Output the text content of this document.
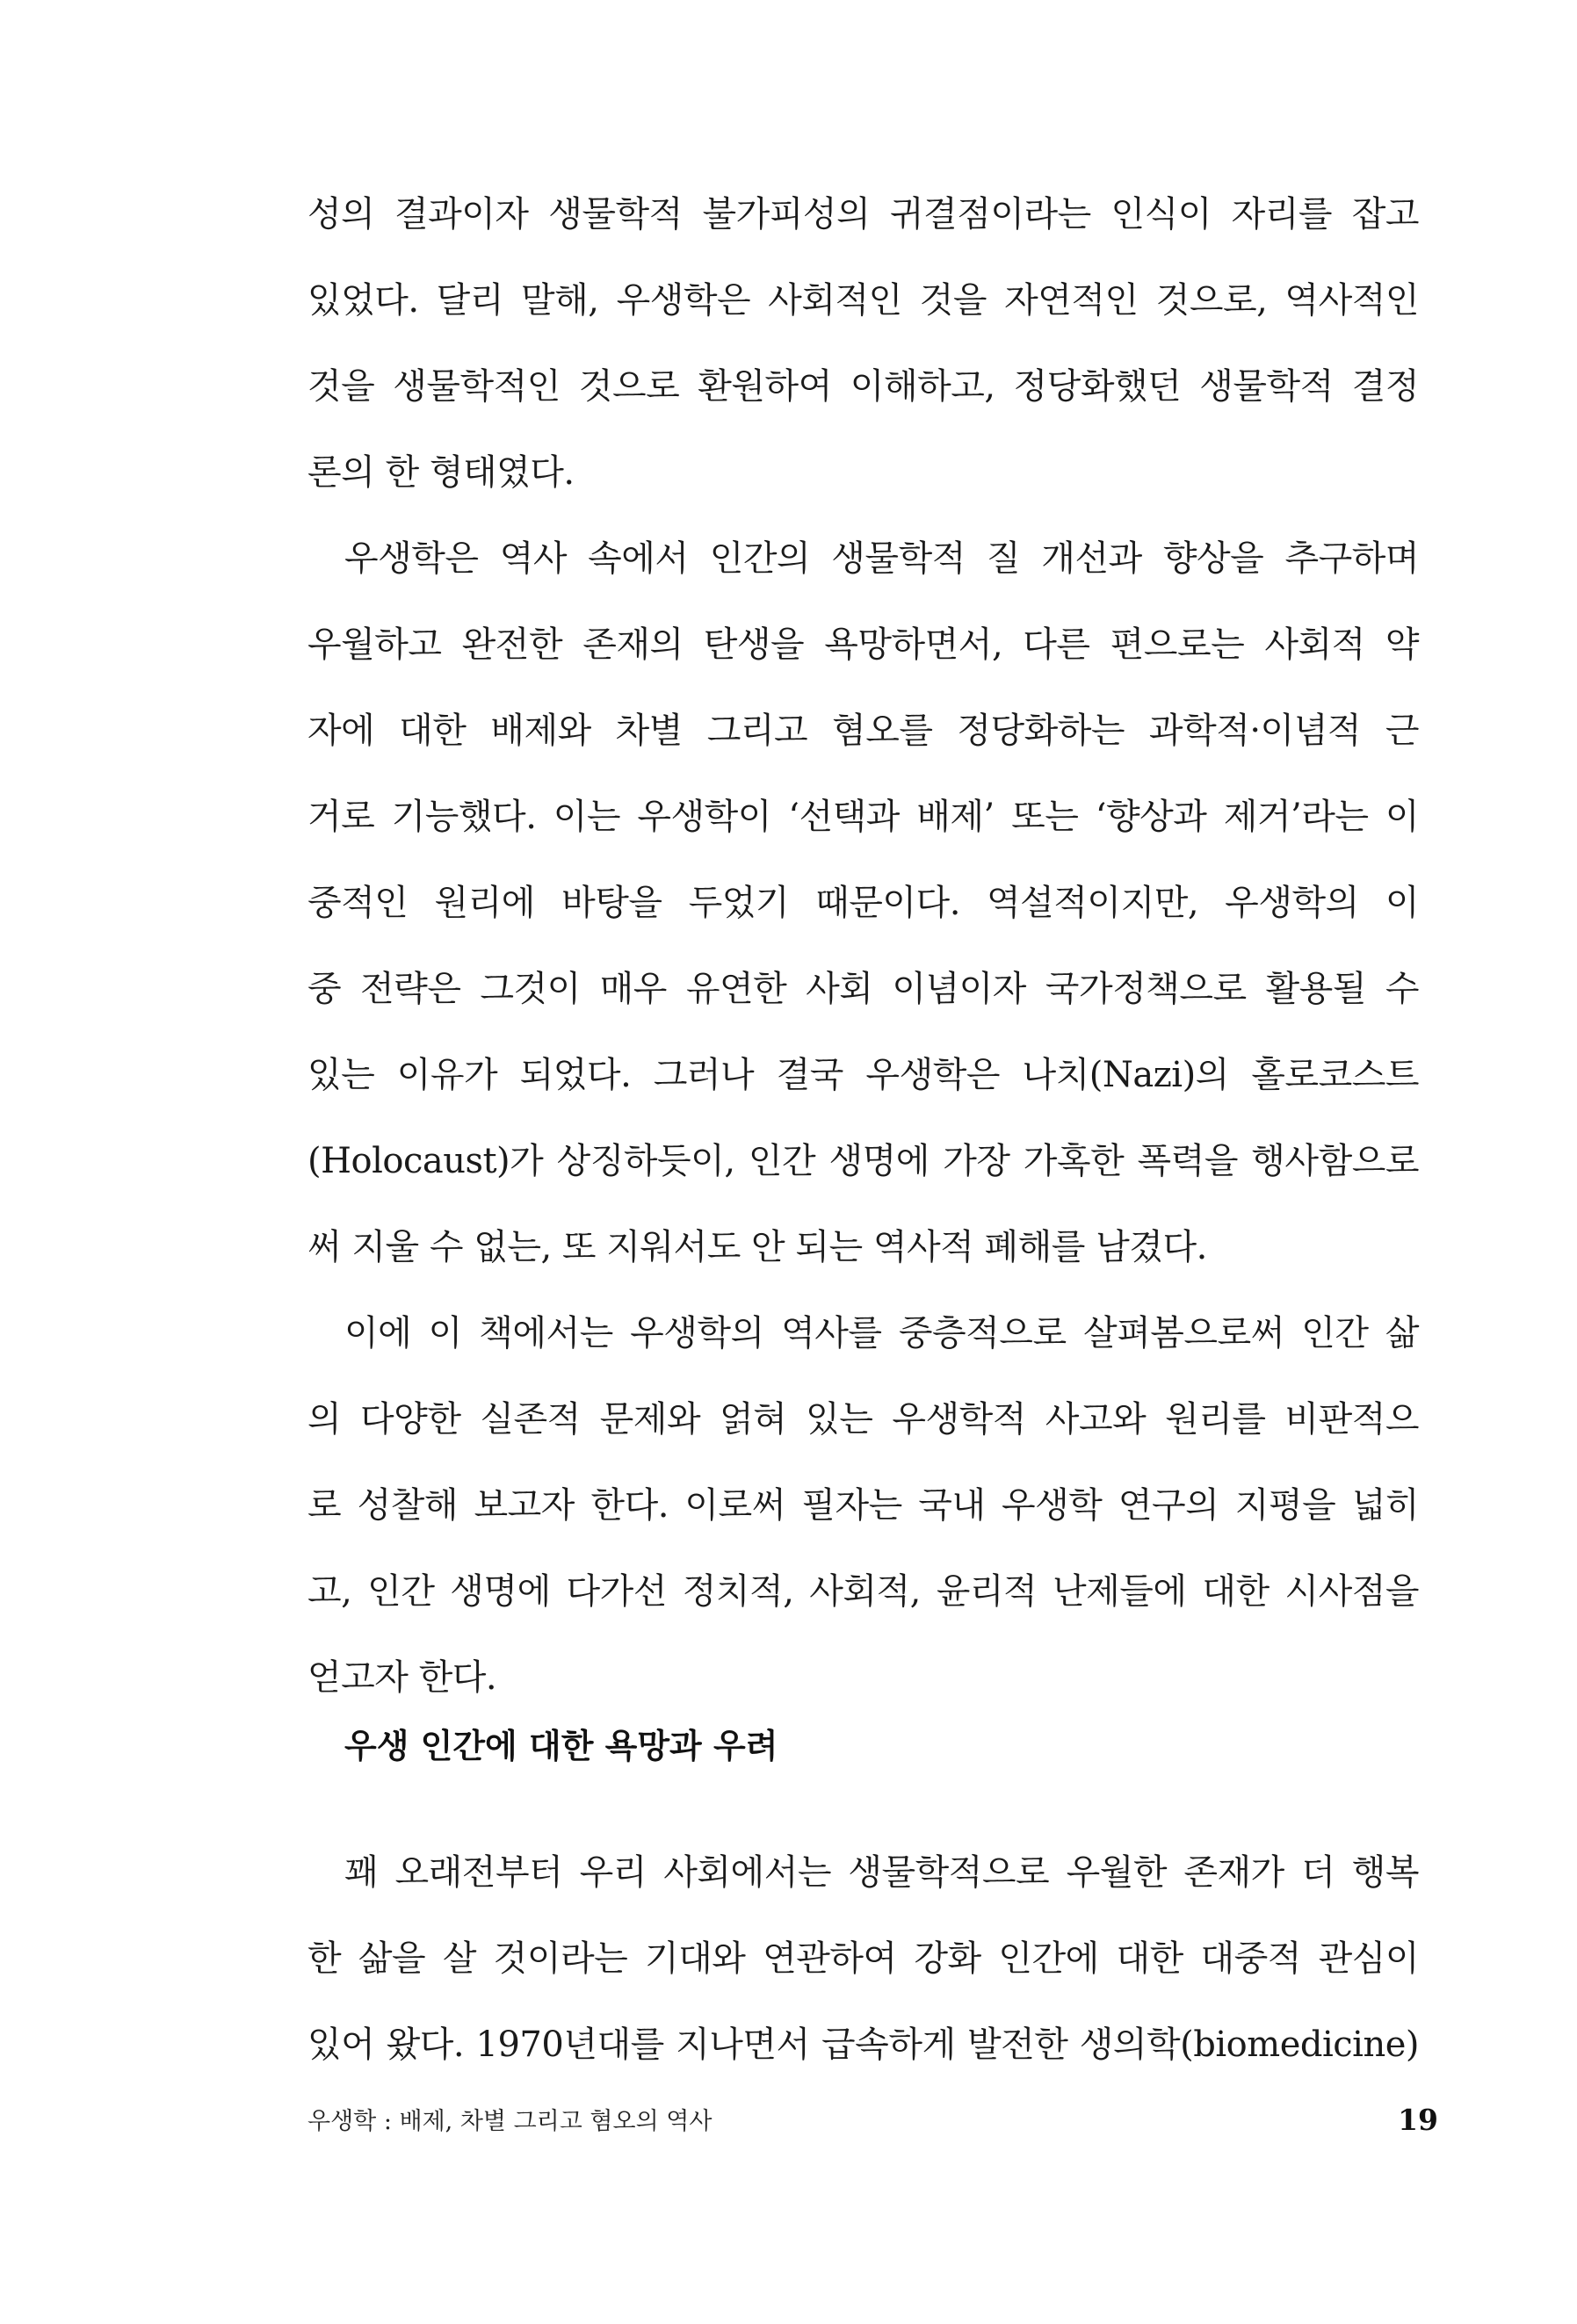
성의 결과이자 생물학적 불가피성의 귀결점이라는 인식이 자리를 잡고
있었다. 달리 말해, 우생학은 사회적인 것을 자연적인 것으로, 역사적인
것을 생물학적인 것으로 환원하여 이해하고, 정당화했던 생물학적 결정
론의 한 형태였다.
우생학은 역사 속에서 인간의 생물학적 질 개선과 향상을 추구하며
우월하고 완전한 존재의 탄생을 욕망하면서, 다른 편으로는 사회적 약
자에 대한 배제와 차별 그리고 혐오를 정당화하는 과학적·이념적 근
거로 기능했다. 이는 우생학이 ‘선택과 배제’ 또는 ‘향상과 제거’라는 이
중적인 원리에 바탕을 두었기 때문이다. 역설적이지만, 우생학의 이
중 전략은 그것이 매우 유연한 사회 이념이자 국가정책으로 활용될 수
있는 이유가 되었다. 그러나 결국 우생학은 나치(Nazi)의 홀로코스트
(Holocaust)가 상징하듯이, 인간 생명에 가장 가혹한 폭력을 행사함으로
써 지울 수 없는, 또 지워서도 안 되는 역사적 폐해를 남겼다.
이에 이 책에서는 우생학의 역사를 중층적으로 살펴봄으로써 인간 삶
의 다양한 실존적 문제와 얽혀 있는 우생학적 사고와 원리를 비판적으
로 성찰해 보고자 한다. 이로써 필자는 국내 우생학 연구의 지평을 넓히
고, 인간 생명에 다가선 정치적, 사회적, 윤리적 난제들에 대한 시사점을
얻고자 한다.
우생 인간에 대한 욕망과 우려
꽤 오래전부터 우리 사회에서는 생물학적으로 우월한 존재가 더 행복
한 삶을 살 것이라는 기대와 연관하여 강화 인간에 대한 대중적 관심이
있어 왔다. 1970년대를 지나면서 급속하게 발전한 생의학(biomedicine)
우생학 : 배제, 차별 그리고 혐오의 역사	19
